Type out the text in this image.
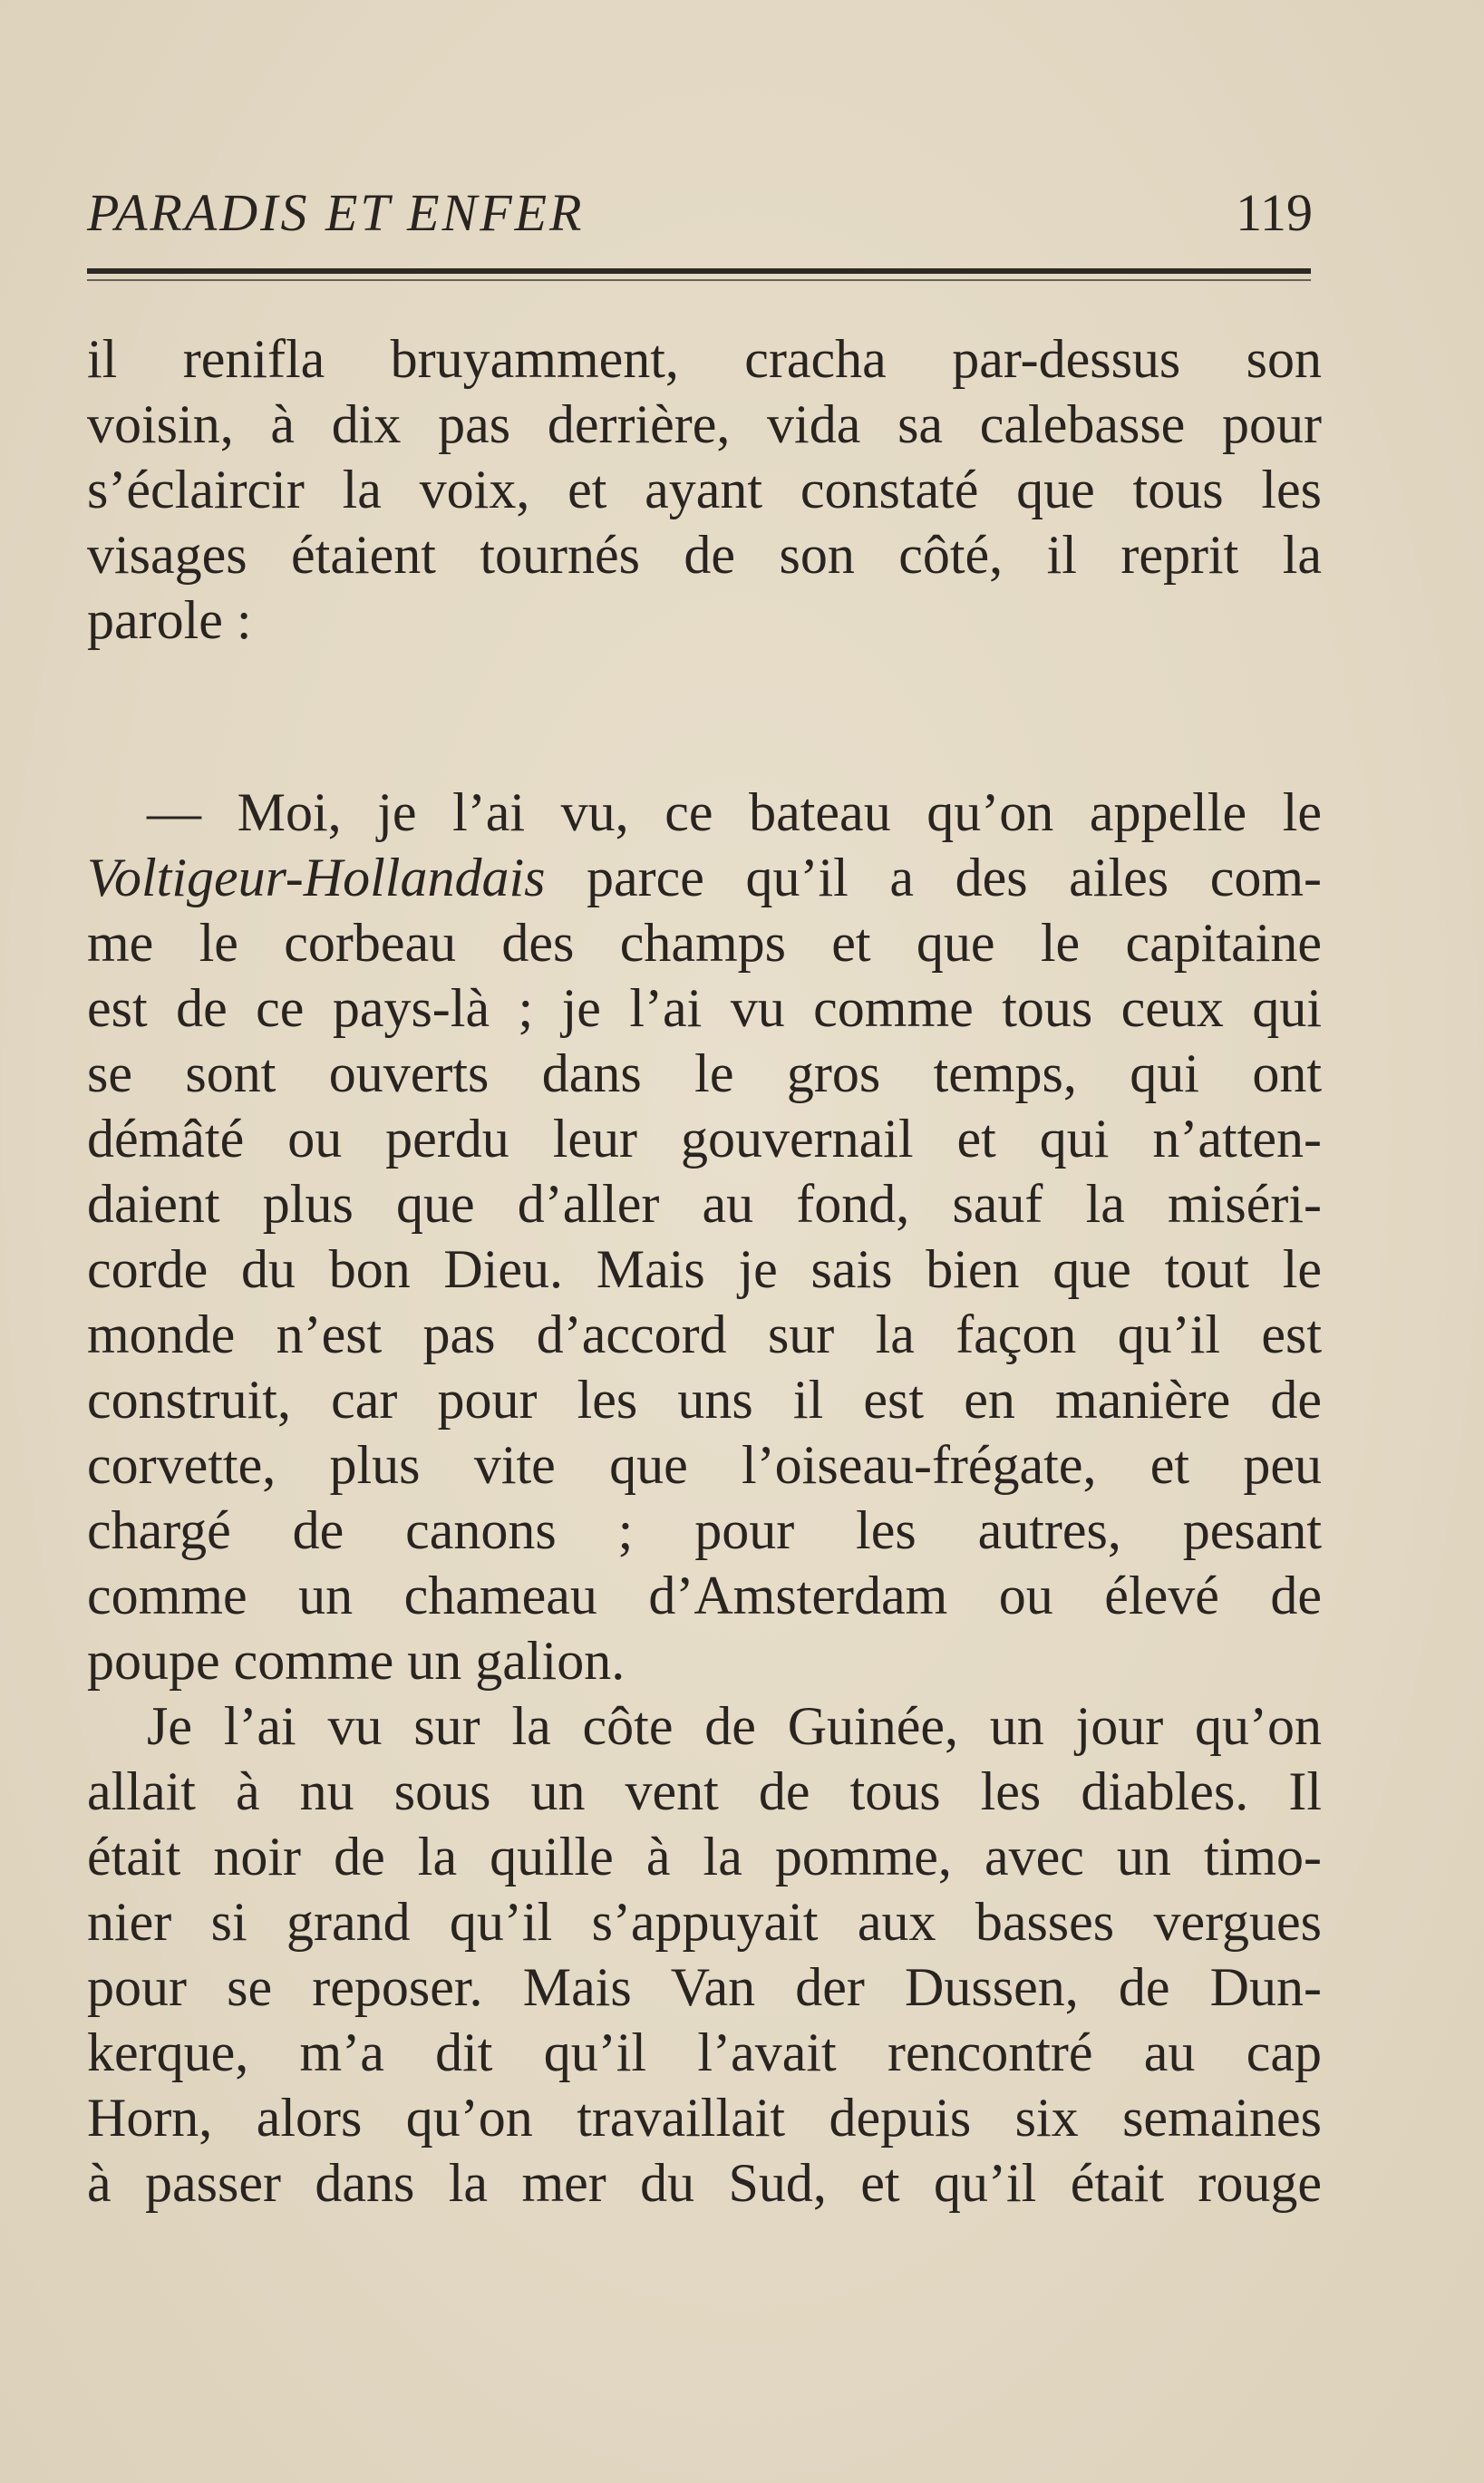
PARADIS ET ENFER	119
il renifla bruyamment, cracha par-dessus son
voisin, à dix pas derrière, vida sa calebasse pour
s’éclaircir la voix, et ayant constaté que tous les
visages étaient tournés de son côté, il reprit la
parole :
— Moi, je l’ai vu, ce bateau qu’on appelle le
Voltigeur-Hollandais parce qu’il a des ailes com-
me le corbeau des champs et que le capitaine
est de ce pays-là ; je l’ai vu comme tous ceux qui
se sont ouverts dans le gros temps, qui ont
démâté ou perdu leur gouvernail et qui n’atten-
daient plus que d’aller au fond, sauf la miséri-
corde du bon Dieu. Mais je sais bien que tout le
monde n’est pas d’accord sur la façon qu’il est
construit, car pour les uns il est en manière de
corvette, plus vite que l’oiseau-frégate, et peu
chargé de canons ; pour les autres, pesant
comme un chameau d’Amsterdam ou élevé de
poupe comme un galion.
Je l’ai vu sur la côte de Guinée, un jour qu’on
allait à nu sous un vent de tous les diables. Il
était noir de la quille à la pomme, avec un timo-
nier si grand qu’il s’appuyait aux basses vergues
pour se reposer. Mais Van der Dussen, de Dun-
kerque, m’a dit qu’il l’avait rencontré au cap
Horn, alors qu’on travaillait depuis six semaines
à passer dans la mer du Sud, et qu’il était rouge
